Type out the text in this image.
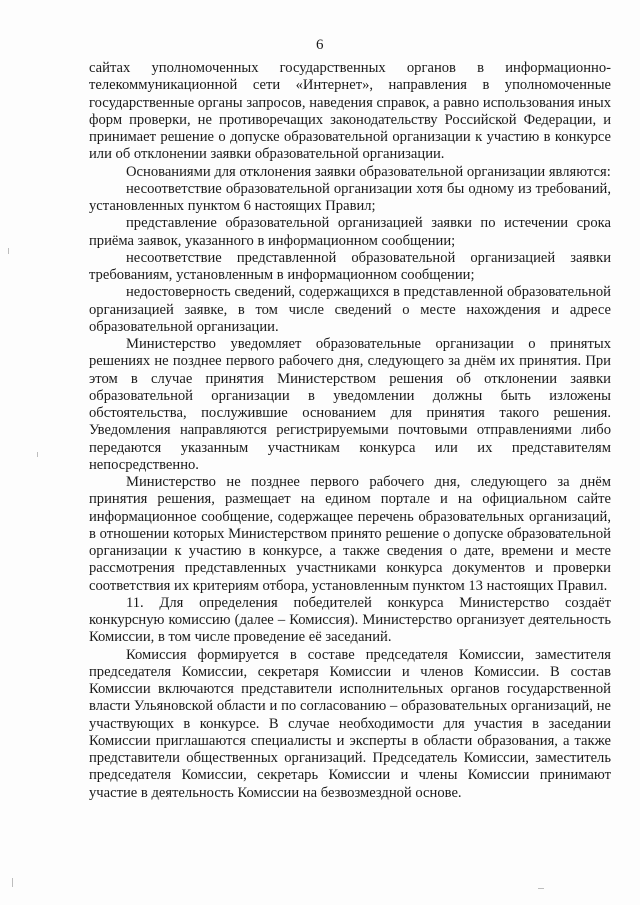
6

сайтах уполномоченных государственных органов в информационно-телекоммуникационной сети «Интернет», направления в уполномоченные государственные органы запросов, наведения справок, а равно использования иных форм проверки, не противоречащих законодательству Российской Федерации, и принимает решение о допуске образовательной организации к участию в конкурсе или об отклонении заявки образовательной организации.

Основаниями для отклонения заявки образовательной организации являются:

несоответствие образовательной организации хотя бы одному из требований, установленных пунктом 6 настоящих Правил;

представление образовательной организацией заявки по истечении срока приёма заявок, указанного в информационном сообщении;

несоответствие представленной образовательной организацией заявки требованиям, установленным в информационном сообщении;

недостоверность сведений, содержащихся в представленной образовательной организацией заявке, в том числе сведений о месте нахождения и адресе образовательной организации.

Министерство уведомляет образовательные организации о принятых решениях не позднее первого рабочего дня, следующего за днём их принятия. При этом в случае принятия Министерством решения об отклонении заявки образовательной организации в уведомлении должны быть изложены обстоятельства, послужившие основанием для принятия такого решения. Уведомления направляются регистрируемыми почтовыми отправлениями либо передаются указанным участникам конкурса или их представителям непосредственно.

Министерство не позднее первого рабочего дня, следующего за днём принятия решения, размещает на едином портале и на официальном сайте информационное сообщение, содержащее перечень образовательных организаций, в отношении которых Министерством принято решение о допуске образовательной организации к участию в конкурсе, а также сведения о дате, времени и месте рассмотрения представленных участниками конкурса документов и проверки соответствия их критериям отбора, установленным пунктом 13 настоящих Правил.

11. Для определения победителей конкурса Министерство создаёт конкурсную комиссию (далее – Комиссия). Министерство организует деятельность Комиссии, в том числе проведение её заседаний.

Комиссия формируется в составе председателя Комиссии, заместителя председателя Комиссии, секретаря Комиссии и членов Комиссии. В состав Комиссии включаются представители исполнительных органов государственной власти Ульяновской области и по согласованию – образовательных организаций, не участвующих в конкурсе. В случае необходимости для участия в заседании Комиссии приглашаются специалисты и эксперты в области образования, а также представители общественных организаций. Председатель Комиссии, заместитель председателя Комиссии, секретарь Комиссии и члены Комиссии принимают участие в деятельность Комиссии на безвозмездной основе.
